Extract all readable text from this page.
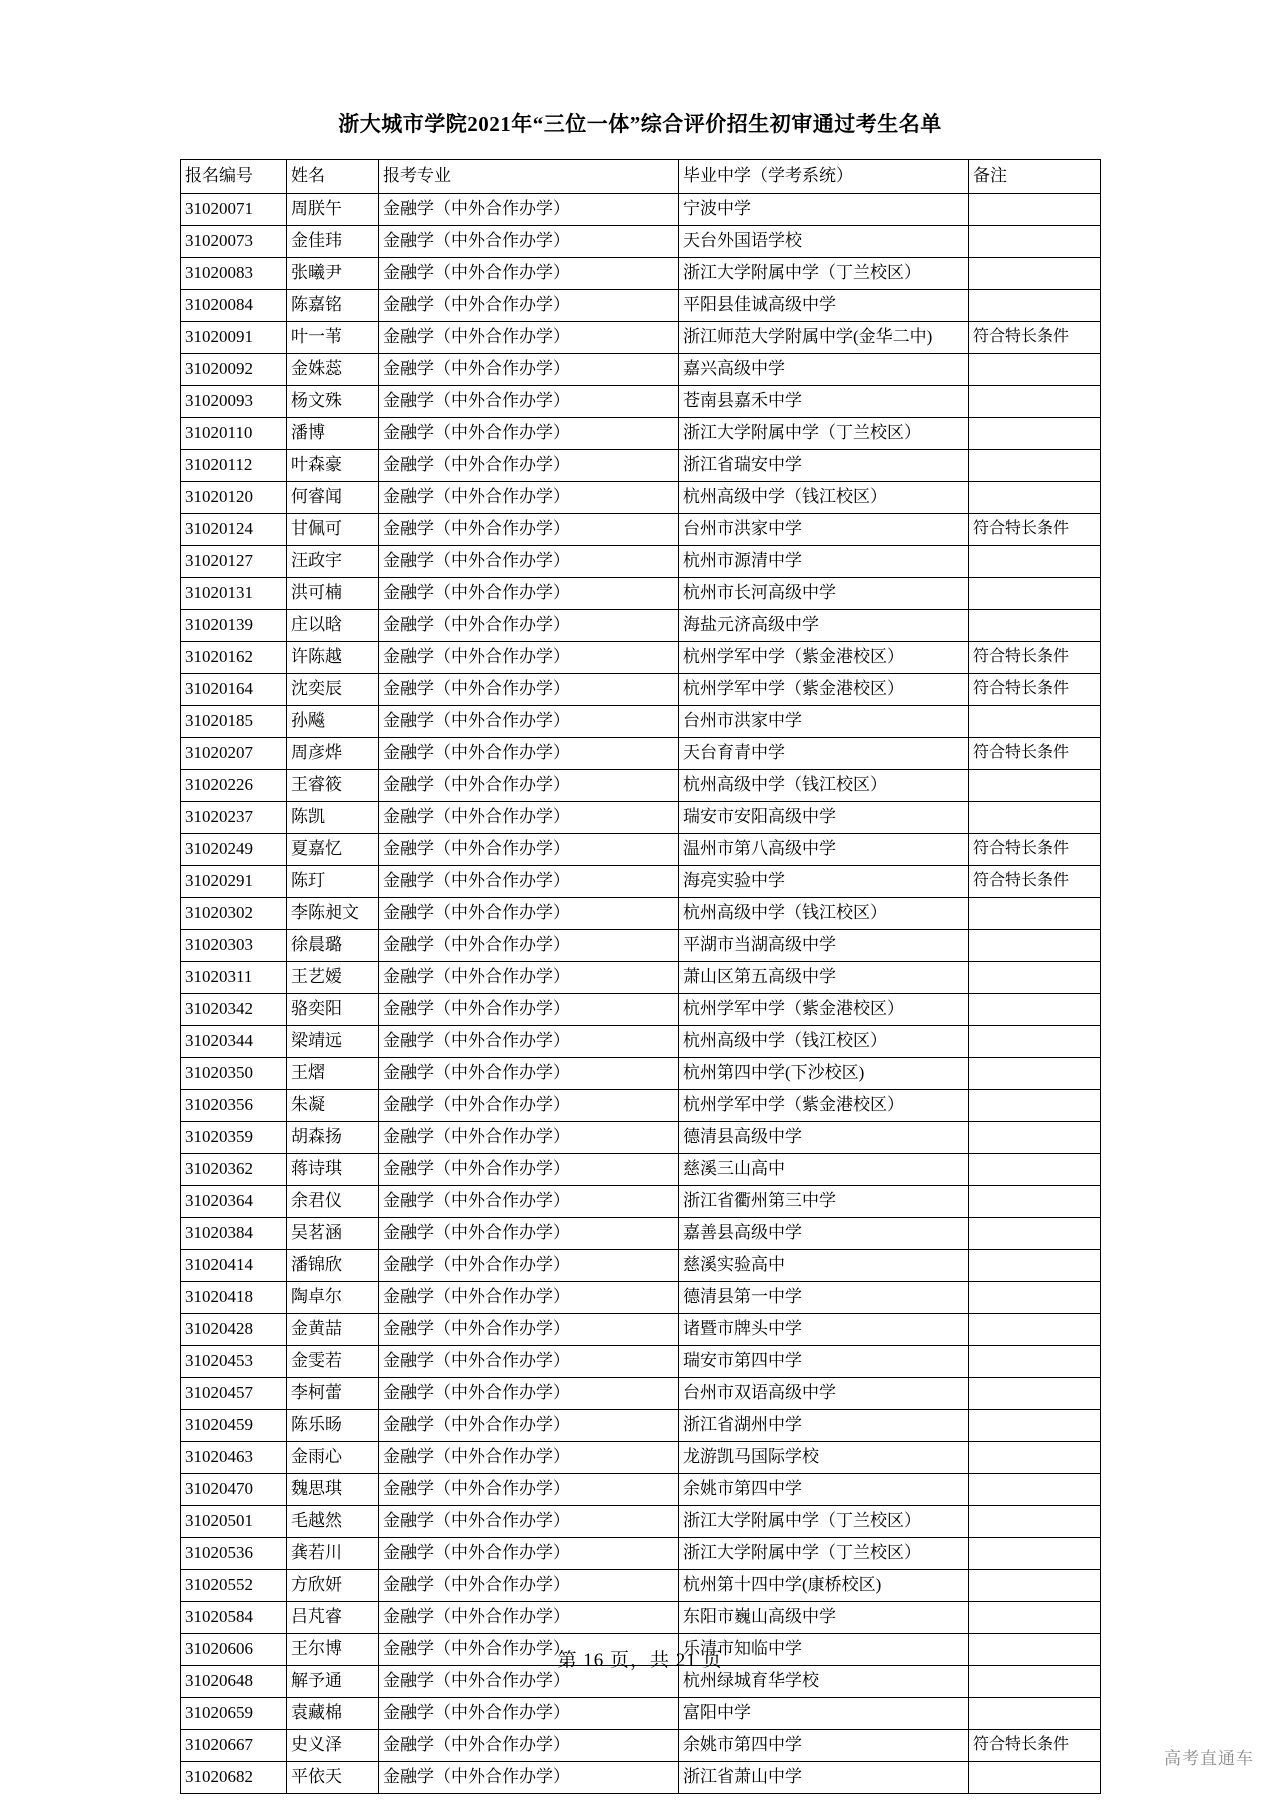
浙大城市学院2021年“三位一体”综合评价招生初审通过考生名单
报名编号	姓名	报考专业	毕业中学（学考系统）	备注
31020071	周朕午	金融学（中外合作办学）	宁波中学	
31020073	金佳玮	金融学（中外合作办学）	天台外国语学校	
31020083	张曦尹	金融学（中外合作办学）	浙江大学附属中学（丁兰校区）	
31020084	陈嘉铭	金融学（中外合作办学）	平阳县佳诚高级中学	
31020091	叶一苇	金融学（中外合作办学）	浙江师范大学附属中学(金华二中)	符合特长条件
31020092	金姝蕊	金融学（中外合作办学）	嘉兴高级中学	
31020093	杨文殊	金融学（中外合作办学）	苍南县嘉禾中学	
31020110	潘博	金融学（中外合作办学）	浙江大学附属中学（丁兰校区）	
31020112	叶森豪	金融学（中外合作办学）	浙江省瑞安中学	
31020120	何睿闻	金融学（中外合作办学）	杭州高级中学（钱江校区）	
31020124	甘佩可	金融学（中外合作办学）	台州市洪家中学	符合特长条件
31020127	汪政宇	金融学（中外合作办学）	杭州市源清中学	
31020131	洪可楠	金融学（中外合作办学）	杭州市长河高级中学	
31020139	庄以晗	金融学（中外合作办学）	海盐元济高级中学	
31020162	许陈越	金融学（中外合作办学）	杭州学军中学（紫金港校区）	符合特长条件
31020164	沈奕辰	金融学（中外合作办学）	杭州学军中学（紫金港校区）	符合特长条件
31020185	孙飚	金融学（中外合作办学）	台州市洪家中学	
31020207	周彦烨	金融学（中外合作办学）	天台育青中学	符合特长条件
31020226	王睿筱	金融学（中外合作办学）	杭州高级中学（钱江校区）	
31020237	陈凯	金融学（中外合作办学）	瑞安市安阳高级中学	
31020249	夏嘉忆	金融学（中外合作办学）	温州市第八高级中学	符合特长条件
31020291	陈玎	金融学（中外合作办学）	海亮实验中学	符合特长条件
31020302	李陈昶文	金融学（中外合作办学）	杭州高级中学（钱江校区）	
31020303	徐晨璐	金融学（中外合作办学）	平湖市当湖高级中学	
31020311	王艺嫒	金融学（中外合作办学）	萧山区第五高级中学	
31020342	骆奕阳	金融学（中外合作办学）	杭州学军中学（紫金港校区）	
31020344	梁靖远	金融学（中外合作办学）	杭州高级中学（钱江校区）	
31020350	王熠	金融学（中外合作办学）	杭州第四中学(下沙校区)	
31020356	朱凝	金融学（中外合作办学）	杭州学军中学（紫金港校区）	
31020359	胡森扬	金融学（中外合作办学）	德清县高级中学	
31020362	蒋诗琪	金融学（中外合作办学）	慈溪三山高中	
31020364	余君仪	金融学（中外合作办学）	浙江省衢州第三中学	
31020384	吴茗涵	金融学（中外合作办学）	嘉善县高级中学	
31020414	潘锦欣	金融学（中外合作办学）	慈溪实验高中	
31020418	陶卓尔	金融学（中外合作办学）	德清县第一中学	
31020428	金黄喆	金融学（中外合作办学）	诸暨市牌头中学	
31020453	金雯若	金融学（中外合作办学）	瑞安市第四中学	
31020457	李柯蕾	金融学（中外合作办学）	台州市双语高级中学	
31020459	陈乐旸	金融学（中外合作办学）	浙江省湖州中学	
31020463	金雨心	金融学（中外合作办学）	龙游凯马国际学校	
31020470	魏思琪	金融学（中外合作办学）	余姚市第四中学	
31020501	毛越然	金融学（中外合作办学）	浙江大学附属中学（丁兰校区）	
31020536	龚若川	金融学（中外合作办学）	浙江大学附属中学（丁兰校区）	
31020552	方欣妍	金融学（中外合作办学）	杭州第十四中学(康桥校区)	
31020584	吕芃睿	金融学（中外合作办学）	东阳市巍山高级中学	
31020606	王尔博	金融学（中外合作办学）	乐清市知临中学	
31020648	解予通	金融学（中外合作办学）	杭州绿城育华学校	
31020659	袁藏棉	金融学（中外合作办学）	富阳中学	
31020667	史义泽	金融学（中外合作办学）	余姚市第四中学	符合特长条件
31020682	平依天	金融学（中外合作办学）	浙江省萧山中学	
第 16 页，共 21 页
高考直通车
